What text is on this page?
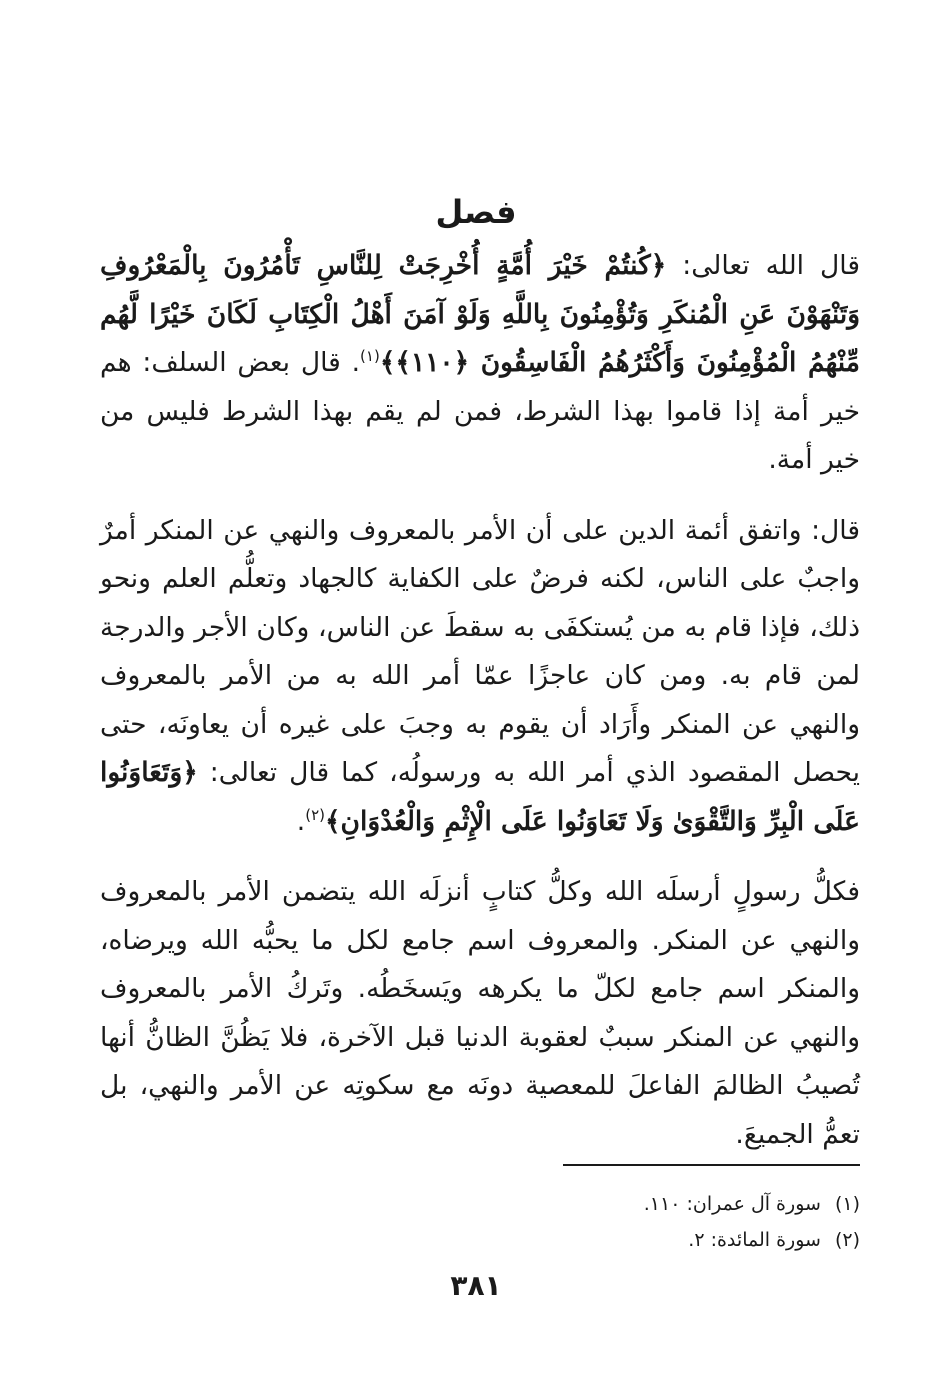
فصل

قال الله تعالى: ﴿كُنتُمْ خَيْرَ أُمَّةٍ أُخْرِجَتْ لِلنَّاسِ تَأْمُرُونَ بِالْمَعْرُوفِ وَتَنْهَوْنَ عَنِ الْمُنكَرِ وَتُؤْمِنُونَ بِاللَّهِ وَلَوْ آمَنَ أَهْلُ الْكِتَابِ لَكَانَ خَيْرًا لَّهُم مِّنْهُمُ الْمُؤْمِنُونَ وَأَكْثَرُهُمُ الْفَاسِقُونَ ﴿١١٠﴾﴾$^{(١)}$. قال بعض السلف: هم خير أمة إذا قاموا بهذا الشرط، فمن لم يقم بهذا الشرط فليس من خير أمة.

قال: واتفق أئمة الدين على أن الأمر بالمعروف والنهي عن المنكر أمرٌ واجبٌ على الناس، لكنه فرضٌ على الكفاية كالجهاد وتعلُّم العلم ونحو ذلك، فإذا قام به من يُستكفَى به سقطَ عن الناس، وكان الأجر والدرجة لمن قام به. ومن كان عاجزًا عمّا أمر الله به من الأمر بالمعروف والنهي عن المنكر وأَرَاد أن يقوم به وجبَ على غيره أن يعاونَه، حتى يحصل المقصود الذي أمر الله به ورسولُه، كما قال تعالى: ﴿وَتَعَاوَنُوا عَلَى الْبِرِّ وَالتَّقْوَىٰ وَلَا تَعَاوَنُوا عَلَى الْإِثْمِ وَالْعُدْوَانِ﴾$^{(٢)}$.

فكلُّ رسولٍ أرسلَه الله وكلُّ كتابٍ أنزلَه الله يتضمن الأمر بالمعروف والنهي عن المنكر. والمعروف اسم جامع لكل ما يحبُّه الله ويرضاه، والمنكر اسم جامع لكلّ ما يكرهه ويَسخَطُه. وتَركُ الأمر بالمعروف والنهي عن المنكر سببٌ لعقوبة الدنيا قبل الآخرة، فلا يَظُنَّ الظانُّ أنها تُصيبُ الظالمَ الفاعلَ للمعصية دونَه مع سكوتِه عن الأمر والنهي، بل تعمُّ الجميعَ.

(١)سورة آل عمران: ١١٠.
(٢)سورة المائدة: ٢.
٣٨١
